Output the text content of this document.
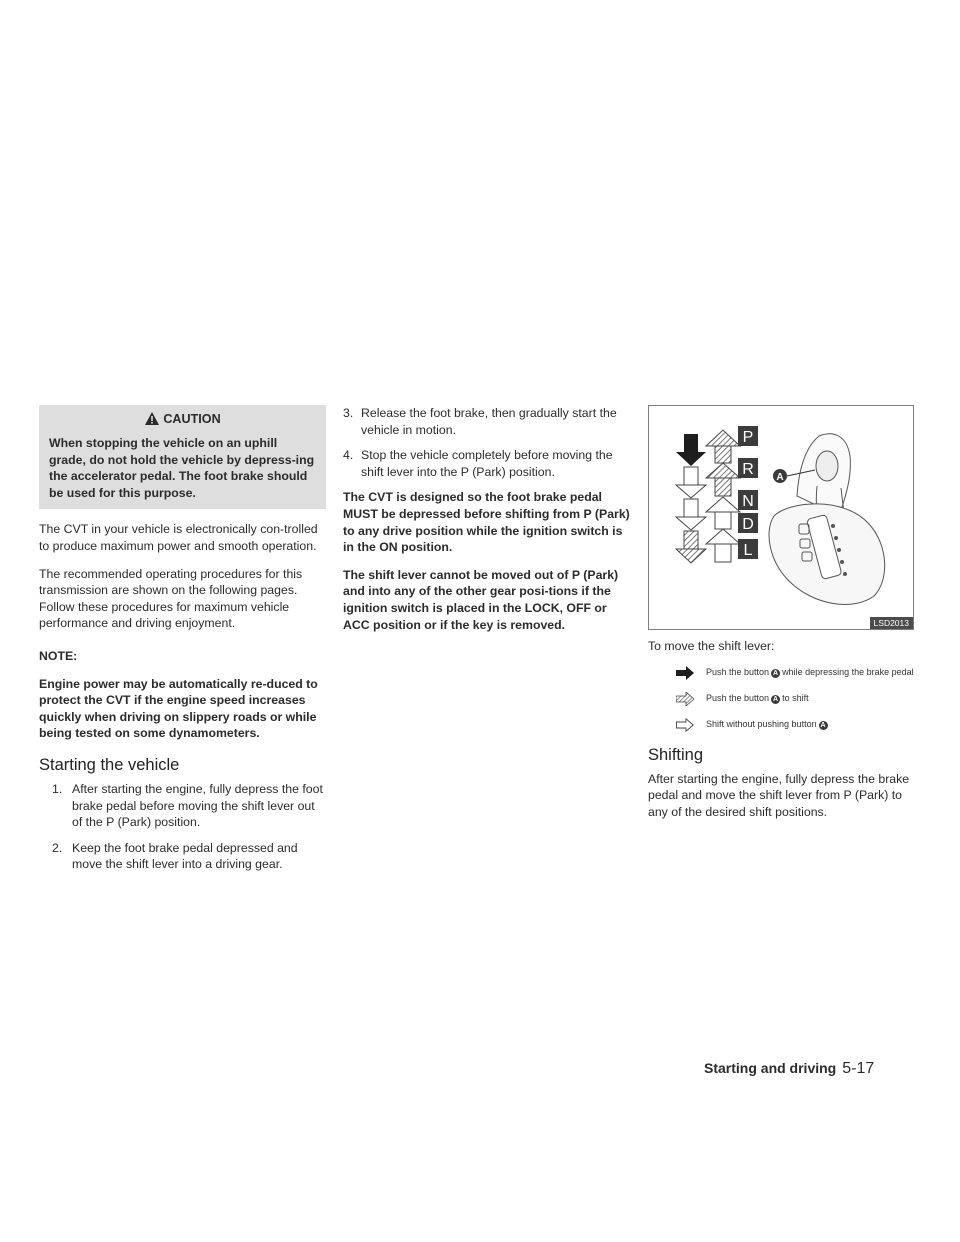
CAUTION
When stopping the vehicle on an uphill grade, do not hold the vehicle by depress-ing the accelerator pedal. The foot brake should be used for this purpose.

The CVT in your vehicle is electronically con-trolled to produce maximum power and smooth operation.

The recommended operating procedures for this transmission are shown on the following pages. Follow these procedures for maximum vehicle performance and driving enjoyment.

NOTE:

Engine power may be automatically re-duced to protect the CVT if the engine speed increases quickly when driving on slippery roads or while being tested on some dynamometers.

Starting the vehicle
1. After starting the engine, fully depress the foot brake pedal before moving the shift lever out of the P (Park) position.
2. Keep the foot brake pedal depressed and move the shift lever into a driving gear.
3. Release the foot brake, then gradually start the vehicle in motion.
4. Stop the vehicle completely before moving the shift lever into the P (Park) position.

The CVT is designed so the foot brake pedal MUST be depressed before shifting from P (Park) to any drive position while the ignition switch is in the ON position.

The shift lever cannot be moved out of P (Park) and into any of the other gear posi-tions if the ignition switch is placed in the LOCK, OFF or ACC position or if the key is removed.

P
R
N
D
L
A
LSD2013

To move the shift lever:

Push the button A while depressing the brake pedal
Push the button A to shift
Shift without pushing button A
Shifting

After starting the engine, fully depress the brake pedal and move the shift lever from P (Park) to any of the desired shift positions.

Starting and driving 5-17
